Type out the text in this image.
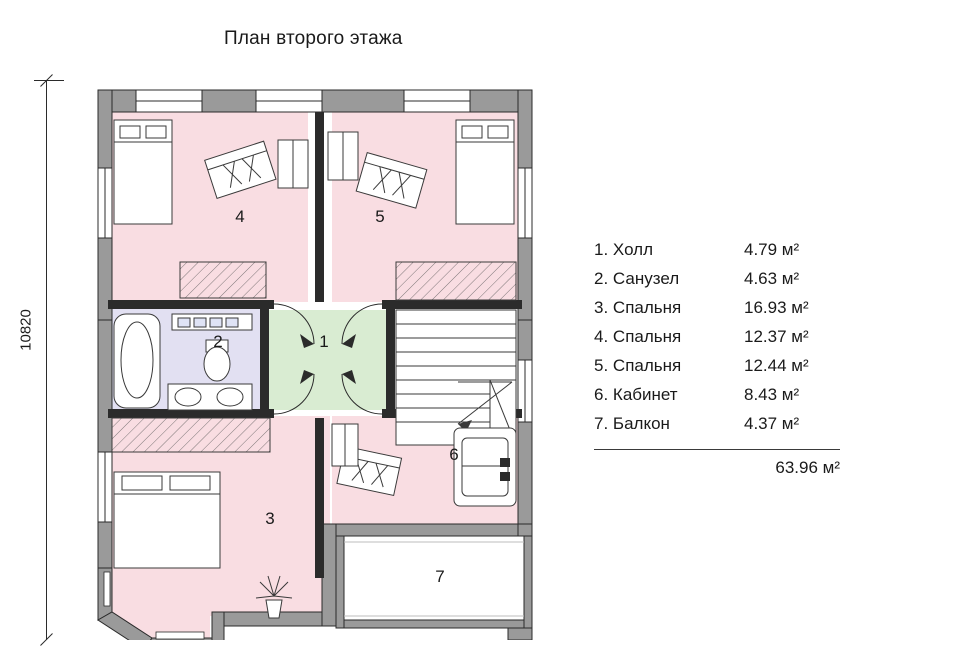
План второго этажа
10820
4	5
2	1
3
6
7
1. Холл	4.79 м²
2. Санузел	4.63 м²
3. Спальня	16.93 м²
4. Спальня	12.37 м²
5. Спальня	12.44 м²
6. Кабинет	8.43 м²
7. Балкон	4.37 м²
63.96 м²
